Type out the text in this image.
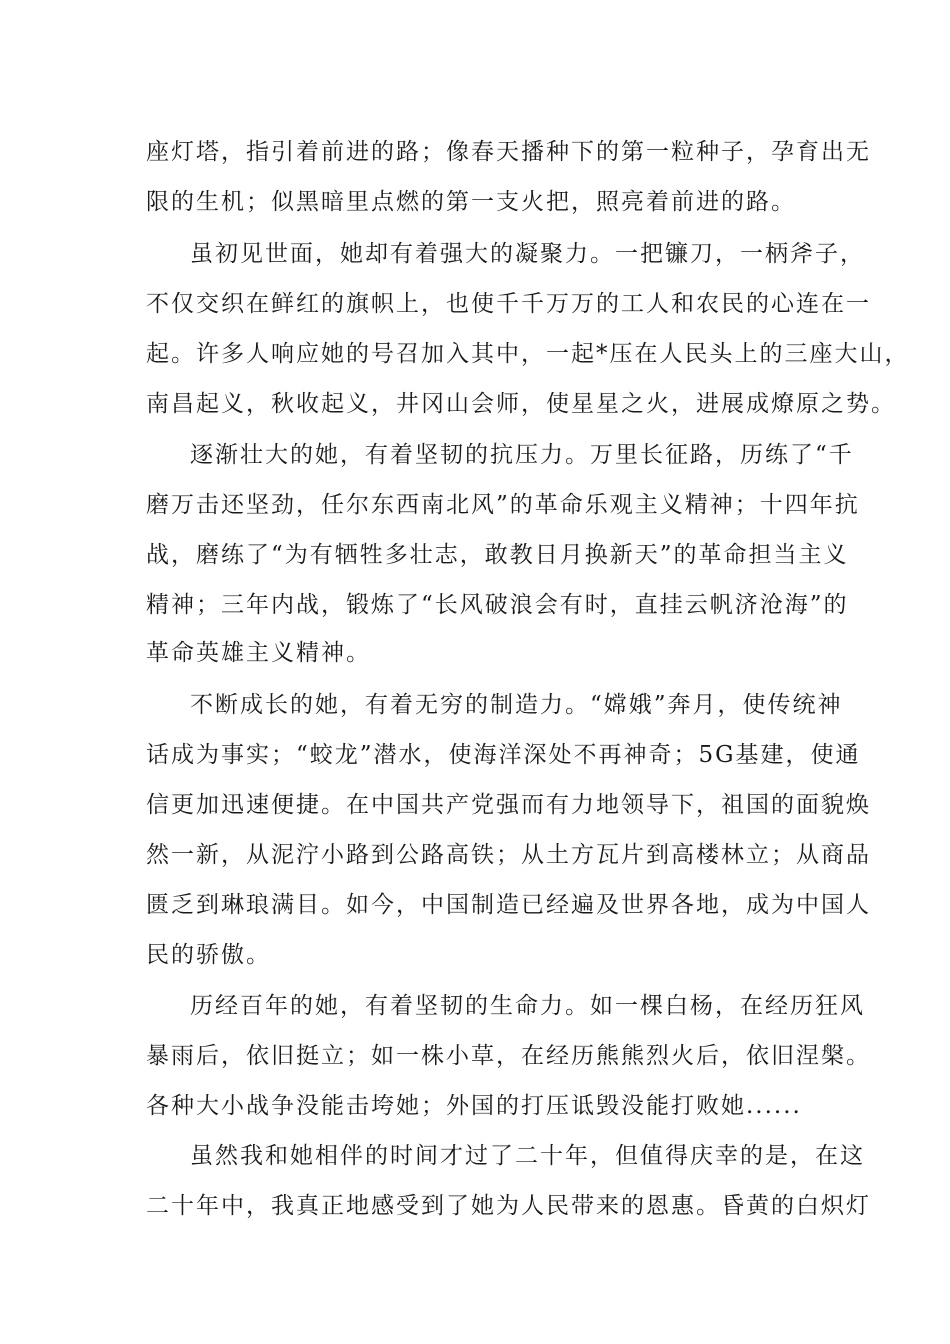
座灯塔，指引着前进的路；像春天播种下的第一粒种子，孕育出无
限的生机；似黑暗里点燃的第一支火把，照亮着前进的路。
虽初见世面，她却有着强大的凝聚力。一把镰刀，一柄斧子，
不仅交织在鲜红的旗帜上，也使千千万万的工人和农民的心连在一
起。许多人响应她的号召加入其中，一起*压在人民头上的三座大山，
南昌起义，秋收起义，井冈山会师，使星星之火，进展成燎原之势。
逐渐壮大的她，有着坚韧的抗压力。万里长征路，历练了“千
磨万击还坚劲，任尔东西南北风”的革命乐观主义精神；十四年抗
战，磨练了“为有牺牲多壮志，敢教日月换新天”的革命担当主义
精神；三年内战，锻炼了“长风破浪会有时，直挂云帆济沧海”的
革命英雄主义精神。
不断成长的她，有着无穷的制造力。“嫦娥”奔月，使传统神
话成为事实；“蛟龙”潜水，使海洋深处不再神奇；5G基建，使通
信更加迅速便捷。在中国共产党强而有力地领导下，祖国的面貌焕
然一新，从泥泞小路到公路高铁；从土方瓦片到高楼林立；从商品
匮乏到琳琅满目。如今，中国制造已经遍及世界各地，成为中国人
民的骄傲。
历经百年的她，有着坚韧的生命力。如一棵白杨，在经历狂风
暴雨后，依旧挺立；如一株小草，在经历熊熊烈火后，依旧涅槃。
各种大小战争没能击垮她；外国的打压诋毁没能打败她......
虽然我和她相伴的时间才过了二十年，但值得庆幸的是，在这
二十年中，我真正地感受到了她为人民带来的恩惠。昏黄的白炽灯
